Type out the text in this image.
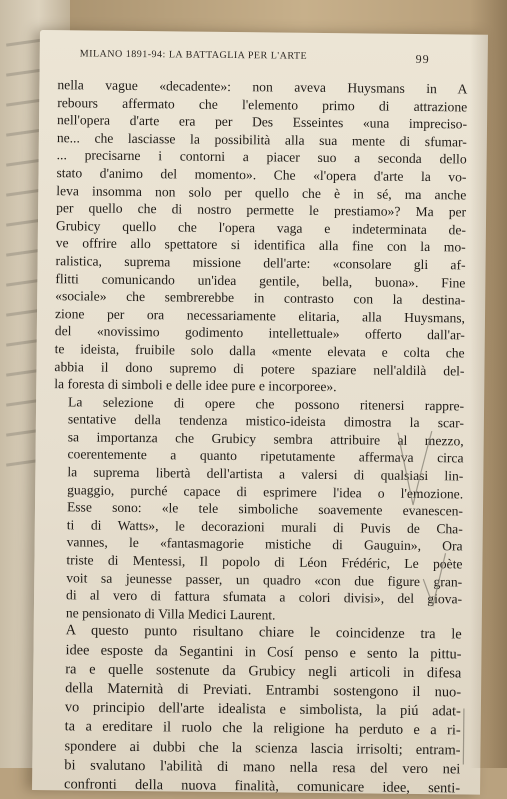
MILANO 1891-94: LA BATTAGLIA PER L'ARTE	99

nella vague «decadente»: non aveva Huysmans in A
rebours affermato che l'elemento primo di attrazione
nell'opera d'arte era per Des Esseintes «una impreciso-
ne... che lasciasse la possibilità alla sua mente di sfumar-
... precisarne i contorni a piacer suo a seconda dello
stato d'animo del momento». Che «l'opera d'arte la vo-
leva insomma non solo per quello che è in sé, ma anche
per quello che di nostro permette le prestiamo»? Ma per
Grubicy quello che l'opera vaga e indeterminata de-
ve offrire allo spettatore si identifica alla fine con la mo-
ralistica, suprema missione dell'arte: «consolare gli af-
flitti comunicando un'idea gentile, bella, buona». Fine
«sociale» che sembrerebbe in contrasto con la destina-
zione per ora necessariamente elitaria, alla Huysmans,
del «novissimo godimento intellettuale» offerto dall'ar-
te ideista, fruibile solo dalla «mente elevata e colta che
abbia il dono supremo di potere spaziare nell'aldilà del-
la foresta di simboli e delle idee pure e incorporee».

La selezione di opere che possono ritenersi rappre-
sentative della tendenza mistico-ideista dimostra la scar-
sa importanza che Grubicy sembra attribuire al mezzo,
coerentemente a quanto ripetutamente affermava circa
la suprema libertà dell'artista a valersi di qualsiasi lin-
guaggio, purché capace di esprimere l'idea o l'emozione.
Esse sono: «le tele simboliche soavemente evanescen-
ti di Watts», le decorazioni murali di Puvis de Cha-
vannes, le «fantasmagorie mistiche di Gauguin», Ora
triste di Mentessi, Il popolo di Léon Frédéric, Le poète
voit sa jeunesse passer, un quadro «con due figure gran-
di al vero di fattura sfumata a colori divisi», del giova-
ne pensionato di Villa Medici Laurent.

A questo punto risultano chiare le coincidenze tra le
idee esposte da Segantini in Cosí penso e sento la pittu-
ra e quelle sostenute da Grubicy negli articoli in difesa
della Maternità di Previati. Entrambi sostengono il nuo-
vo principio dell'arte idealista e simbolista, la piú adat-
ta a ereditare il ruolo che la religione ha perduto e a ri-
spondere ai dubbi che la scienza lascia irrisolti; entram-
bi svalutano l'abilità di mano nella resa del vero nei
confronti della nuova finalità, comunicare idee, senti-
